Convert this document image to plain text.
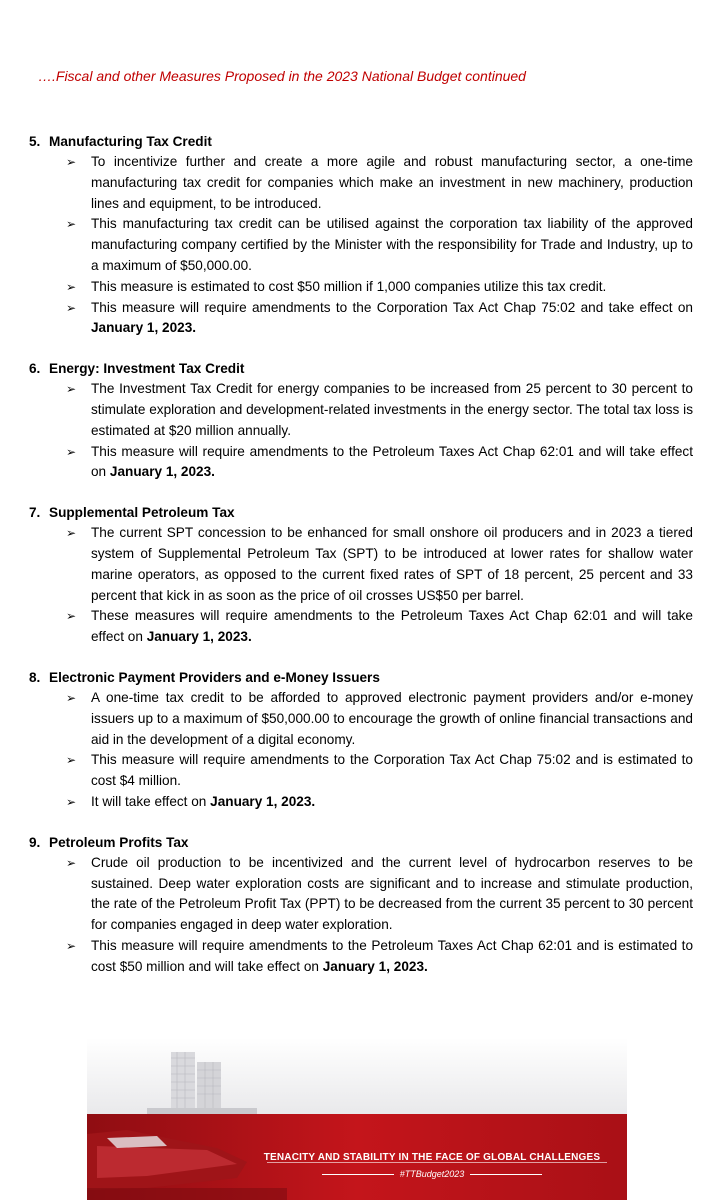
….Fiscal and other Measures Proposed in the 2023 National Budget continued
5. Manufacturing Tax Credit
➢ To incentivize further and create a more agile and robust manufacturing sector, a one-time manufacturing tax credit for companies which make an investment in new machinery, production lines and equipment, to be introduced.
➢ This manufacturing tax credit can be utilised against the corporation tax liability of the approved manufacturing company certified by the Minister with the responsibility for Trade and Industry, up to a maximum of $50,000.00.
➢ This measure is estimated to cost $50 million if 1,000 companies utilize this tax credit.
➢ This measure will require amendments to the Corporation Tax Act Chap 75:02 and take effect on January 1, 2023.
6. Energy: Investment Tax Credit
➢ The Investment Tax Credit for energy companies to be increased from 25 percent to 30 percent to stimulate exploration and development-related investments in the energy sector. The total tax loss is estimated at $20 million annually.
➢ This measure will require amendments to the Petroleum Taxes Act Chap 62:01 and will take effect on January 1, 2023.
7. Supplemental Petroleum Tax
➢ The current SPT concession to be enhanced for small onshore oil producers and in 2023 a tiered system of Supplemental Petroleum Tax (SPT) to be introduced at lower rates for shallow water marine operators, as opposed to the current fixed rates of SPT of 18 percent, 25 percent and 33 percent that kick in as soon as the price of oil crosses US$50 per barrel.
➢ These measures will require amendments to the Petroleum Taxes Act Chap 62:01 and will take effect on January 1, 2023.
8. Electronic Payment Providers and e-Money Issuers
➢ A one-time tax credit to be afforded to approved electronic payment providers and/or e-money issuers up to a maximum of $50,000.00 to encourage the growth of online financial transactions and aid in the development of a digital economy.
➢ This measure will require amendments to the Corporation Tax Act Chap 75:02 and is estimated to cost $4 million.
➢ It will take effect on January 1, 2023.
9. Petroleum Profits Tax
➢ Crude oil production to be incentivized and the current level of hydrocarbon reserves to be sustained. Deep water exploration costs are significant and to increase and stimulate production, the rate of the Petroleum Profit Tax (PPT) to be decreased from the current 35 percent to 30 percent for companies engaged in deep water exploration.
➢ This measure will require amendments to the Petroleum Taxes Act Chap 62:01 and is estimated to cost $50 million and will take effect on January 1, 2023.
TENACITY AND STABILITY IN THE FACE OF GLOBAL CHALLENGES
#TTBudget2023
